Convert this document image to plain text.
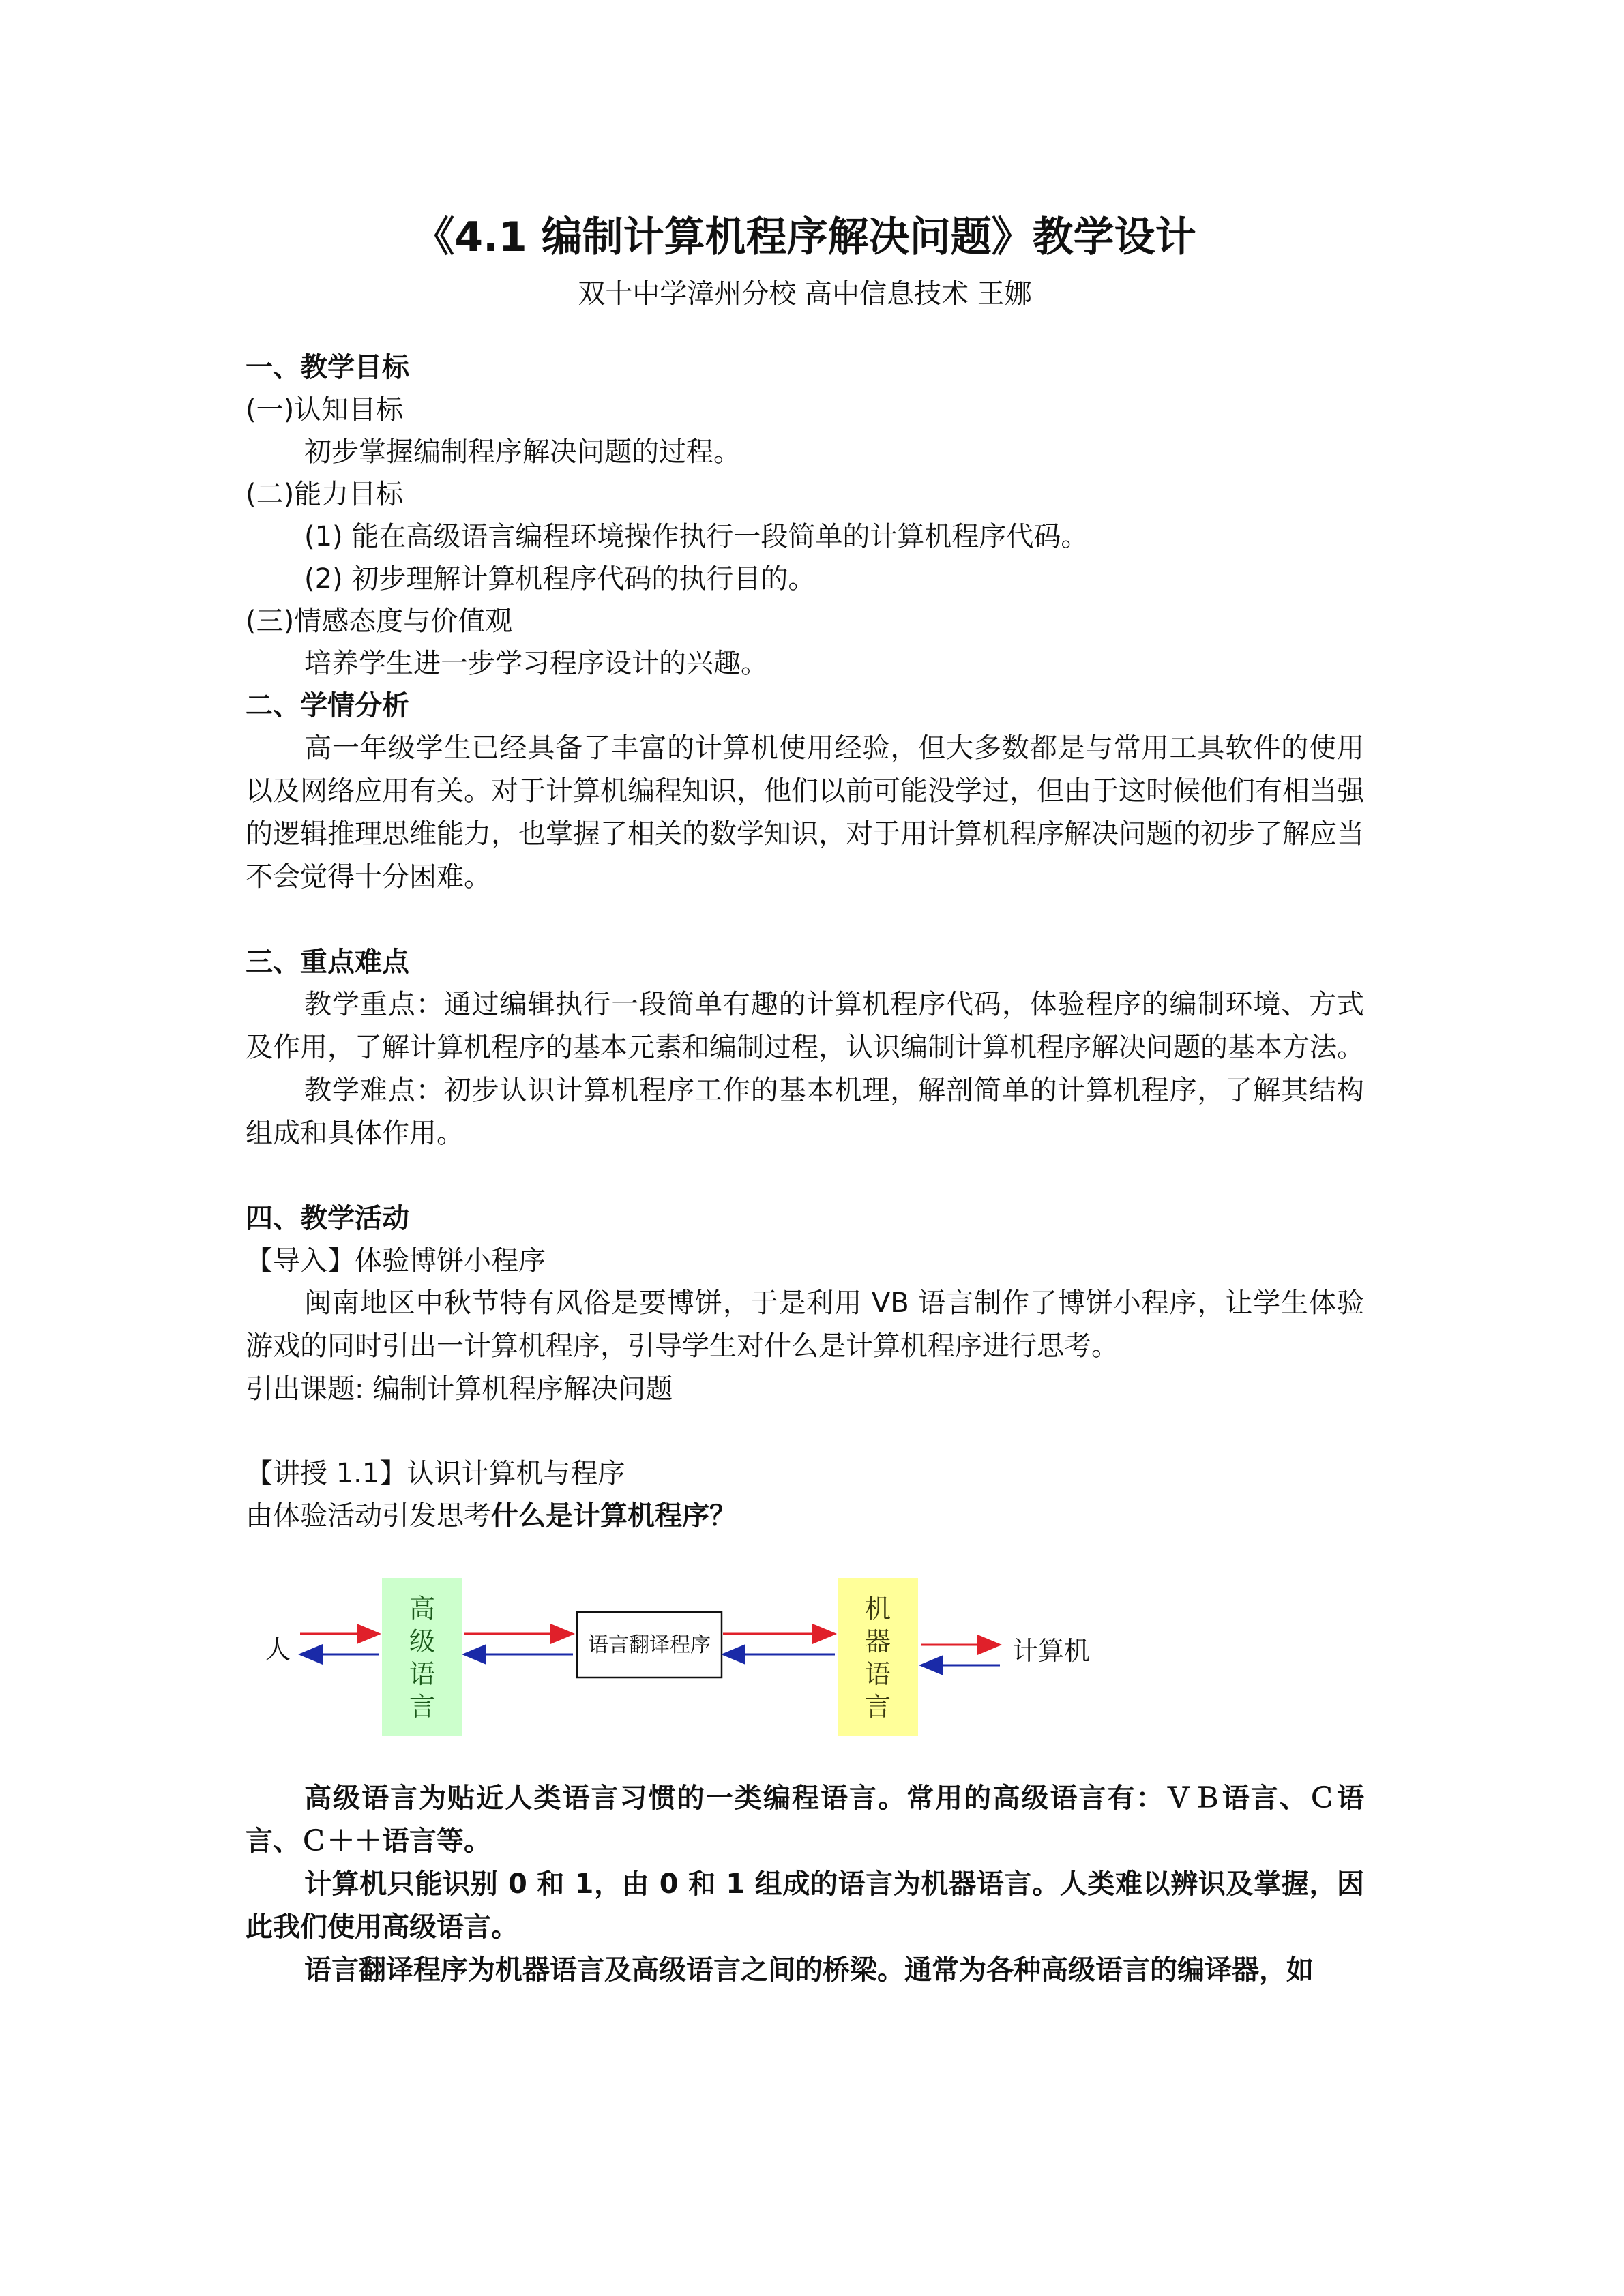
《4.1 编制计算机程序解决问题》教学设计

双十中学漳州分校 高中信息技术 王娜

一、教学目标

(一)认知目标

初步掌握编制程序解决问题的过程。

(二)能力目标

(1) 能在高级语言编程环境操作执行一段简单的计算机程序代码。

(2) 初步理解计算机程序代码的执行目的。

(三)情感态度与价值观

培养学生进一步学习程序设计的兴趣。

二、学情分析

高一年级学生已经具备了丰富的计算机使用经验，但大多数都是与常用工具软件的使用以及网络应用有关。对于计算机编程知识，他们以前可能没学过，但由于这时候他们有相当强的逻辑推理思维能力，也掌握了相关的数学知识，对于用计算机程序解决问题的初步了解应当不会觉得十分困难。

三、重点难点

教学重点：通过编辑执行一段简单有趣的计算机程序代码，体验程序的编制环境、方式及作用，了解计算机程序的基本元素和编制过程，认识编制计算机程序解决问题的基本方法。

教学难点：初步认识计算机程序工作的基本机理，解剖简单的计算机程序，了解其结构组成和具体作用。

四、教学活动

【导入】体验博饼小程序

闽南地区中秋节特有风俗是要博饼，于是利用 VB 语言制作了博饼小程序，让学生体验游戏的同时引出一计算机程序，引导学生对什么是计算机程序进行思考。

引出课题: 编制计算机程序解决问题

【讲授 1.1】认识计算机与程序

由体验活动引发思考什么是计算机程序？

人
高
级
语
言
语言翻译程序
机
器
语
言
计算机

高级语言为贴近人类语言习惯的一类编程语言。常用的高级语言有：ＶＢ语言、Ｃ语言、Ｃ＋＋语言等。

计算机只能识别 0 和 1，由 0 和 1 组成的语言为机器语言。人类难以辨识及掌握，因此我们使用高级语言。

语言翻译程序为机器语言及高级语言之间的桥梁。通常为各种高级语言的编译器，如
